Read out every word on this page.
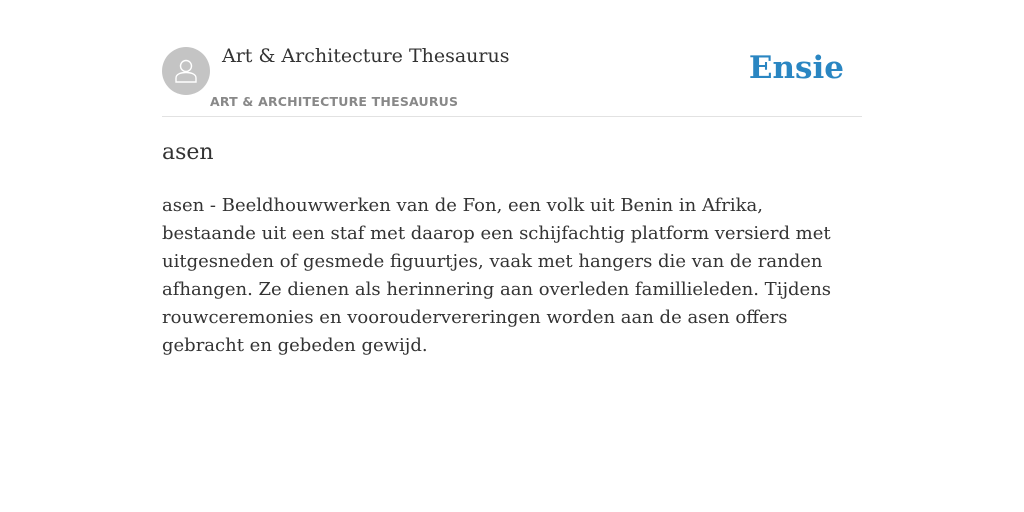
Art & Architecture Thesaurus
ART & ARCHITECTURE THESAURUS
Ensie
asen

asen - Beeldhouwwerken van de Fon, een volk uit Benin in Afrika, bestaande uit een staf met daarop een schijfachtig platform versierd met uitgesneden of gesmede figuurtjes, vaak met hangers die van de randen afhangen. Ze dienen als herinnering aan overleden famillieleden. Tijdens rouwceremonies en vooroudervereringen worden aan de asen offers gebracht en gebeden gewijd.
